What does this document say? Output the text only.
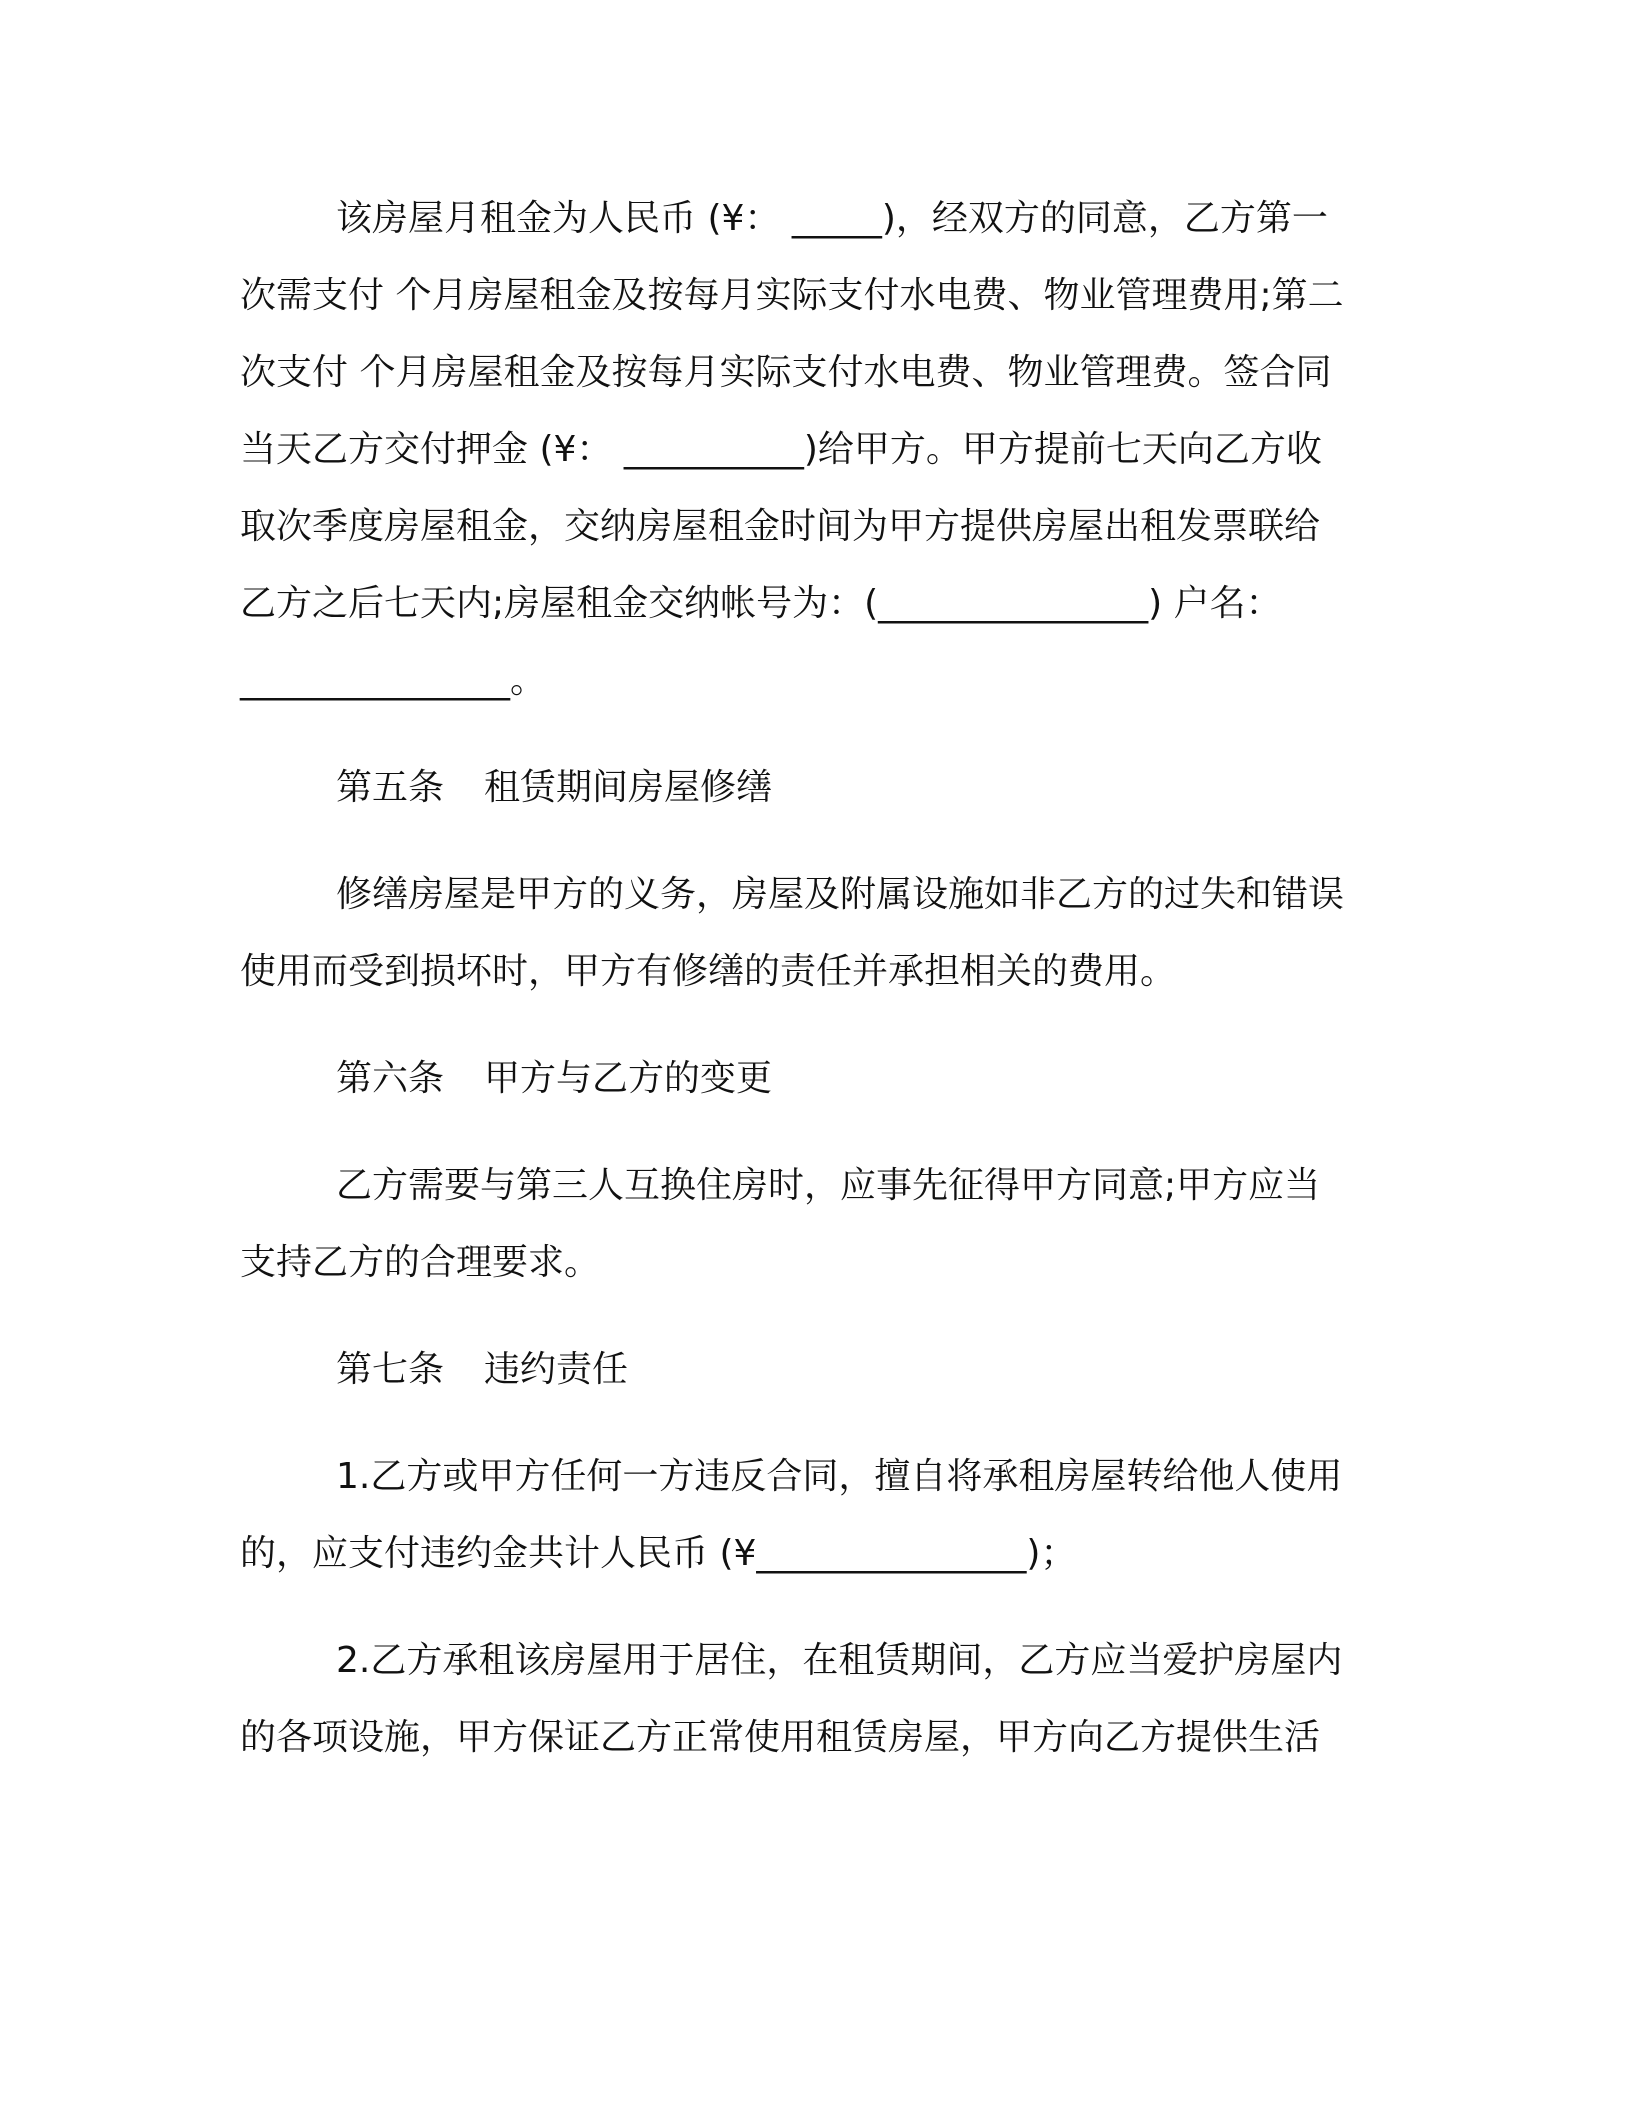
该房屋月租金为人民币 (¥： _____)，经双方的同意，乙方第一
次需支付 个月房屋租金及按每月实际支付水电费、物业管理费用;第二
次支付 个月房屋租金及按每月实际支付水电费、物业管理费。签合同
当天乙方交付押金 (¥： __________)给甲方。甲方提前七天向乙方收
取次季度房屋租金，交纳房屋租金时间为甲方提供房屋出租发票联给
乙方之后七天内;房屋租金交纳帐号为：(_______________) 户名：
_______________。
第五条 租赁期间房屋修缮
修缮房屋是甲方的义务，房屋及附属设施如非乙方的过失和错误
使用而受到损坏时，甲方有修缮的责任并承担相关的费用。
第六条 甲方与乙方的变更
乙方需要与第三人互换住房时，应事先征得甲方同意;甲方应当
支持乙方的合理要求。
第七条 违约责任
1.乙方或甲方任何一方违反合同，擅自将承租房屋转给他人使用
的，应支付违约金共计人民币 (¥_______________)；
2.乙方承租该房屋用于居住，在租赁期间，乙方应当爱护房屋内
的各项设施，甲方保证乙方正常使用租赁房屋，甲方向乙方提供生活
